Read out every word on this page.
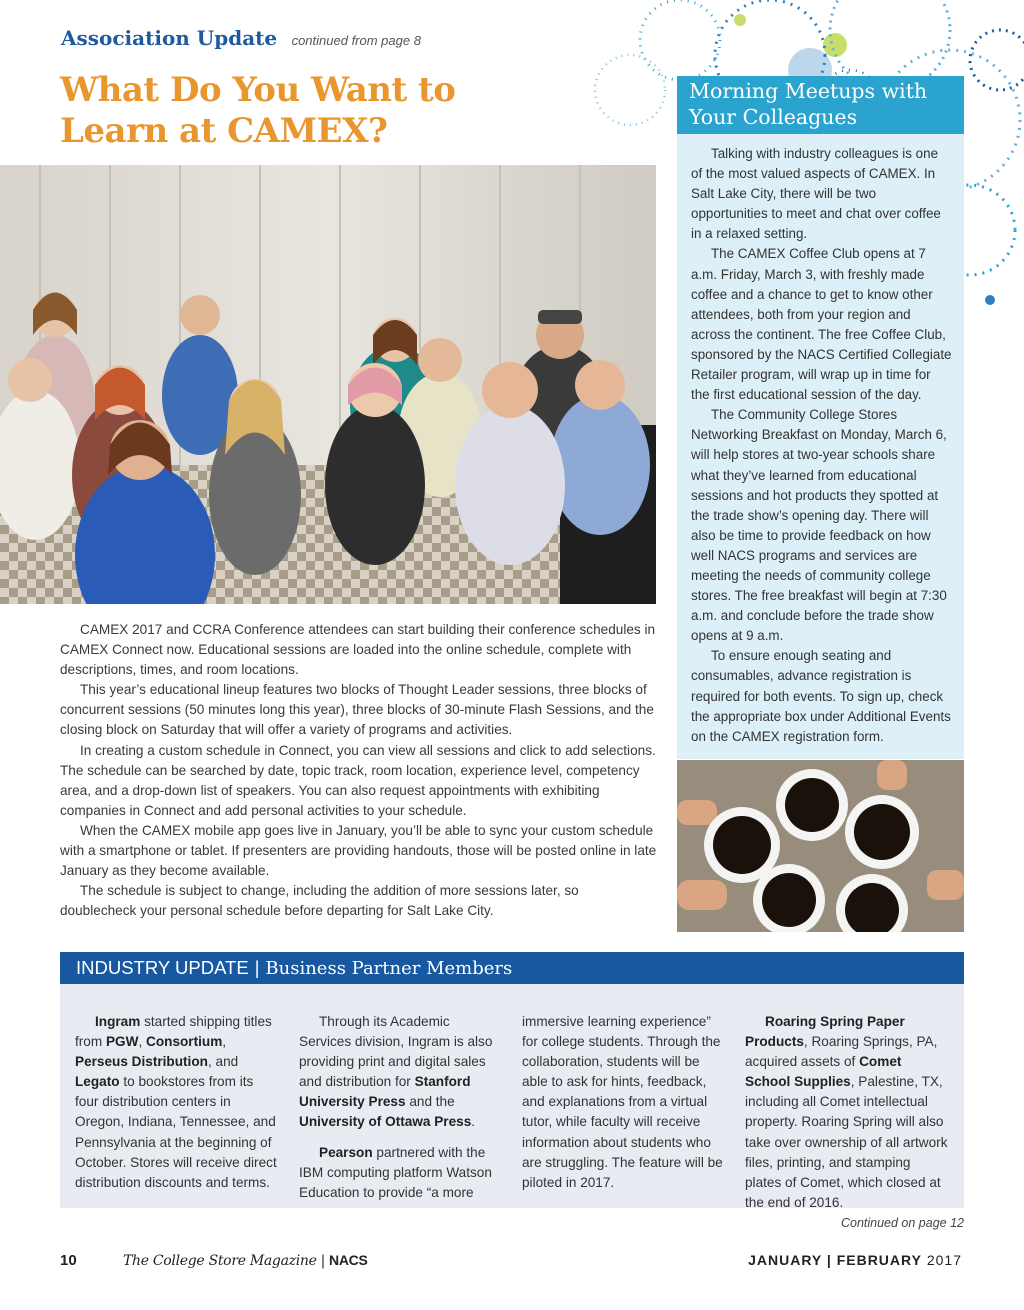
Association Update continued from page 8
What Do You Want to Learn at CAMEX?

CAMEX 2017 and CCRA Conference attendees can start building their conference schedules in CAMEX Connect now. Educational sessions are loaded into the online schedule, complete with descriptions, times, and room locations.

This year’s educational lineup features two blocks of Thought Leader sessions, three blocks of concurrent sessions (50 minutes long this year), three blocks of 30-minute Flash Sessions, and the closing block on Saturday that will offer a variety of programs and activities.

In creating a custom schedule in Connect, you can view all sessions and click to add selections. The schedule can be searched by date, topic track, room location, experience level, competency area, and a drop-down list of speakers. You can also request appointments with exhibiting companies in Connect and add personal activities to your schedule.

When the CAMEX mobile app goes live in January, you’ll be able to sync your custom schedule with a smartphone or tablet. If presenters are providing handouts, those will be posted online in late January as they become available.

The schedule is subject to change, including the addition of more sessions later, so doublecheck your personal schedule before departing for Salt Lake City.

Morning Meetups with Your Colleagues

Talking with industry colleagues is one of the most valued aspects of CAMEX. In Salt Lake City, there will be two opportunities to meet and chat over coffee in a relaxed setting.

The CAMEX Coffee Club opens at 7 a.m. Friday, March 3, with freshly made coffee and a chance to get to know other attendees, both from your region and across the continent. The free Coffee Club, sponsored by the NACS Certified Collegiate Retailer program, will wrap up in time for the first educational session of the day.

The Community College Stores Networking Breakfast on Monday, March 6, will help stores at two-year schools share what they’ve learned from educational sessions and hot products they spotted at the trade show’s opening day. There will also be time to provide feedback on how well NACS programs and services are meeting the needs of community college stores. The free breakfast will begin at 7:30 a.m. and conclude before the trade show opens at 9 a.m.

To ensure enough seating and consumables, advance registration is required for both events. To sign up, check the appropriate box under Additional Events on the CAMEX registration form.

INDUSTRY UPDATE | Business Partner Members

Ingram started shipping titles from PGW, Consortium, Perseus Distribution, and Legato to bookstores from its four distribution centers in Oregon, Indiana, Tennessee, and Pennsylvania at the beginning of October. Stores will receive direct distribution discounts and terms.

Through its Academic Services division, Ingram is also providing print and digital sales and distribution for Stanford University Press and the University of Ottawa Press.

Pearson partnered with the IBM computing platform Watson Education to provide “a more

immersive learning experience” for college students. Through the collaboration, students will be able to ask for hints, feedback, and explanations from a virtual tutor, while faculty will receive information about students who are struggling. The feature will be piloted in 2017.

Roaring Spring Paper Products, Roaring Springs, PA, acquired assets of Comet School Supplies, Palestine, TX, including all Comet intellectual property. Roaring Spring will also take over ownership of all artwork files, printing, and stamping plates of Comet, which closed at the end of 2016.

Continued on page 12
10	The College Store Magazine | NACS	JANUARY | FEBRUARY 2017
